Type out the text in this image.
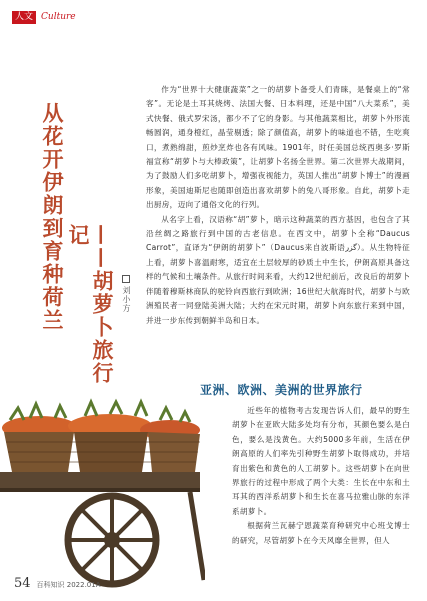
人文 Culture
从花开伊朗到育种荷兰	——胡萝卜旅行记
刘小方

作为“世界十大健康蔬菜”之一的胡萝卜备受人们青睐，是餐桌上的“常客”。无论是土耳其烧烤、法国大餐、日本料理，还是中国“八大菜系”，美式快餐、俄式罗宋汤，都少不了它的身影。与其他蔬菜相比，胡萝卜外形流畅圆润，通身橙红，晶莹剔透；除了颜值高，胡萝卜的味道也不错，生吃爽口，煮熟绵甜，煎炒烹炸也各有风味。1901年，时任美国总统西奥多·罗斯福宣称“胡萝卜与大棒政策”，让胡萝卜名扬全世界。第二次世界大战期间，为了鼓励人们多吃胡萝卜，增强夜视能力，英国人推出“胡萝卜博士”的漫画形象，美国迪斯尼也随即创造出喜欢胡萝卜的兔八哥形象。自此，胡萝卜走出厨房，迈向了通俗文化的行列。

从名字上看，汉语称“胡”萝卜，暗示这种蔬菜的西方基因，也包含了其沿丝绸之路旅行到中国的古老信息。在西文中，胡萝卜全称“Daucus Carrot”，直译为“伊朗的胡萝卜”（Daucus来自波斯语گزر）。从生物特征上看，胡萝卜喜温耐寒，适宜在土层较厚的砂质土中生长，伊朗高原具备这样的气候和土壤条件。从旅行时间来看，大约12世纪前后，改良后的胡萝卜伴随着穆斯林商队的驼铃向西旅行到欧洲；16世纪大航海时代，胡萝卜与欧洲殖民者一同登陆美洲大陆；大约在宋元时期，胡萝卜向东旅行来到中国，并进一步东传到朝鲜半岛和日本。

亚洲、欧洲、美洲的世界旅行

近些年的植物考古发现告诉人们，最早的野生胡萝卜在亚欧大陆多处均有分布，其颜色要么是白色，要么是浅黄色。大约5000多年前，生活在伊朗高原的人们率先引种野生胡萝卜取得成功，并培育出紫色和黄色的人工胡萝卜。这些胡萝卜在向世界旅行的过程中形成了两个大类：生长在中东和土耳其的西洋系胡萝卜和生长在喜马拉雅山脉的东洋系胡萝卜。

根据荷兰瓦赫宁恩蔬菜育种研究中心班戈博士的研究，尽管胡萝卜在今天风靡全世界，但人

54 百科知识 2022.01A
